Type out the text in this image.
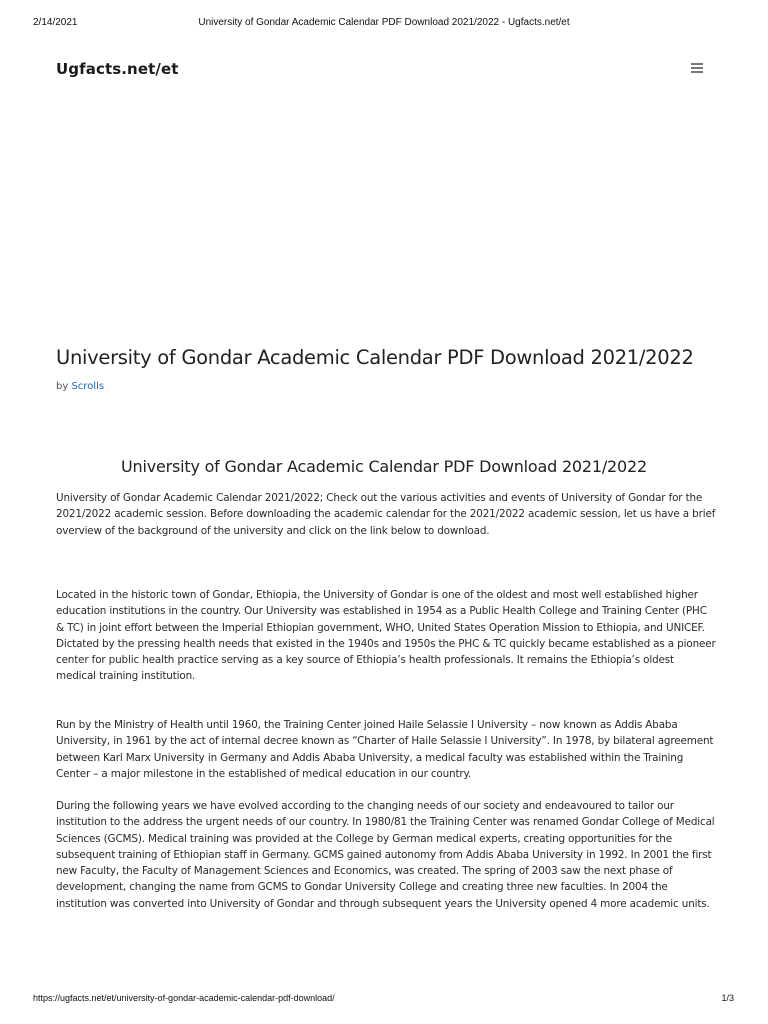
2/14/2021	University of Gondar Academic Calendar PDF Download 2021/2022 - Ugfacts.net/et
Ugfacts.net/et
University of Gondar Academic Calendar PDF Download 2021/2022
by Scrolls
University of Gondar Academic Calendar PDF Download 2021/2022

University of Gondar Academic Calendar 2021/2022; Check out the various activities and events of University of Gondar for the 2021/2022 academic session. Before downloading the academic calendar for the 2021/2022 academic session, let us have a brief overview of the background of the university and click on the link below to download.

Located in the historic town of Gondar, Ethiopia, the University of Gondar is one of the oldest and most well established higher education institutions in the country. Our University was established in 1954 as a Public Health College and Training Center (PHC & TC) in joint effort between the Imperial Ethiopian government, WHO, United States Operation Mission to Ethiopia, and UNICEF. Dictated by the pressing health needs that existed in the 1940s and 1950s the PHC & TC quickly became established as a pioneer center for public health practice serving as a key source of Ethiopia’s health professionals. It remains the Ethiopia’s oldest medical training institution.

Run by the Ministry of Health until 1960, the Training Center joined Haile Selassie I University – now known as Addis Ababa University, in 1961 by the act of internal decree known as “Charter of Haile Selassie I University”. In 1978, by bilateral agreement between Karl Marx University in Germany and Addis Ababa University, a medical faculty was established within the Training Center – a major milestone in the established of medical education in our country.

During the following years we have evolved according to the changing needs of our society and endeavoured to tailor our institution to the address the urgent needs of our country. In 1980/81 the Training Center was renamed Gondar College of Medical Sciences (GCMS). Medical training was provided at the College by German medical experts, creating opportunities for the subsequent training of Ethiopian staff in Germany. GCMS gained autonomy from Addis Ababa University in 1992. In 2001 the first new Faculty, the Faculty of Management Sciences and Economics, was created. The spring of 2003 saw the next phase of development, changing the name from GCMS to Gondar University College and creating three new faculties. In 2004 the institution was converted into University of Gondar and through subsequent years the University opened 4 more academic units.

https://ugfacts.net/et/university-of-gondar-academic-calendar-pdf-download/	1/3
